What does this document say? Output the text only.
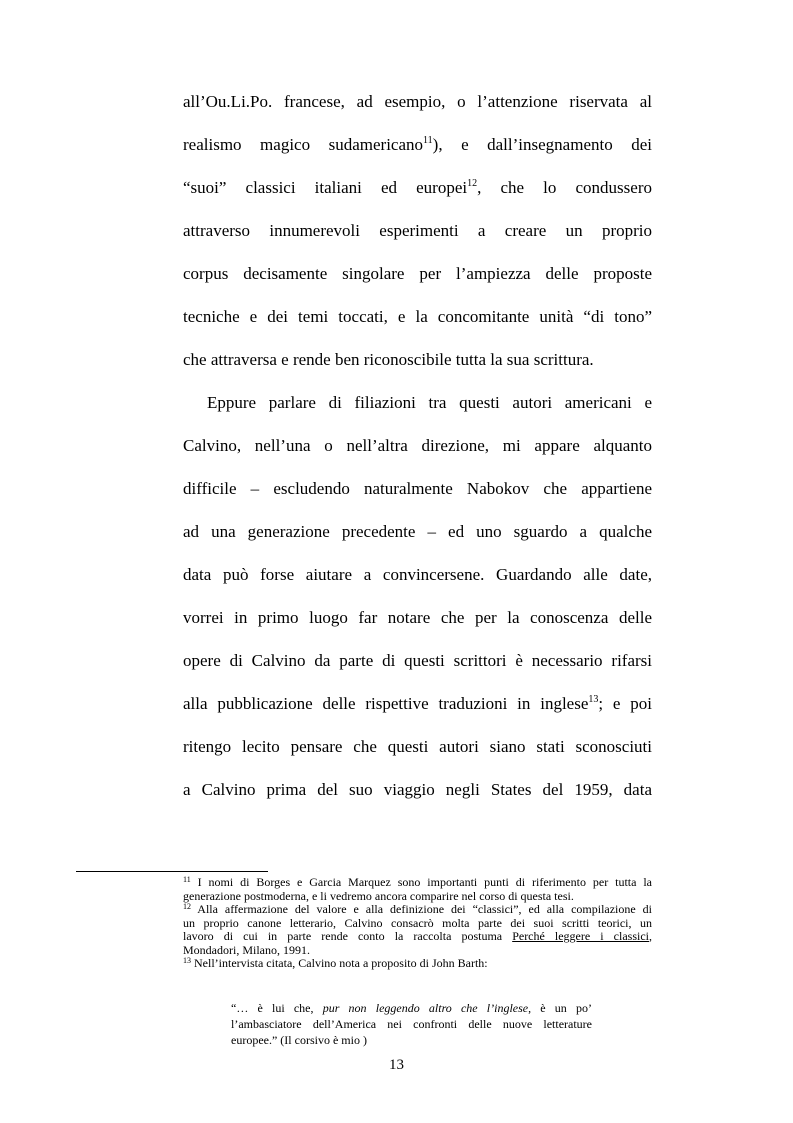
all’Ou.Li.Po. francese, ad esempio, o l’attenzione riservata al
realismo magico sudamericano$^{11}$), e dall’insegnamento dei
“suoi” classici italiani ed europei$^{12}$, che lo condussero
attraverso innumerevoli esperimenti a creare un proprio
corpus decisamente singolare per l’ampiezza delle proposte
tecniche e dei temi toccati, e la concomitante unità “di tono”
che attraversa e rende ben riconoscibile tutta la sua scrittura.
Eppure parlare di filiazioni tra questi autori americani e
Calvino, nell’una o nell’altra direzione, mi appare alquanto
difficile – escludendo naturalmente Nabokov che appartiene
ad una generazione precedente – ed uno sguardo a qualche
data può forse aiutare a convincersene. Guardando alle date,
vorrei in primo luogo far notare che per la conoscenza delle
opere di Calvino da parte di questi scrittori è necessario rifarsi
alla pubblicazione delle rispettive traduzioni in inglese$^{13}$; e poi
ritengo lecito pensare che questi autori siano stati sconosciuti
a Calvino prima del suo viaggio negli States del 1959, data
$^{11}$ I nomi di Borges e Garcia Marquez sono importanti punti di riferimento per tutta la
generazione postmoderna, e li vedremo ancora comparire nel corso di questa tesi.
$^{12}$ Alla affermazione del valore e alla definizione dei “classici”, ed alla compilazione di
un proprio canone letterario, Calvino consacrò molta parte dei suoi scritti teorici, un
lavoro di cui in parte rende conto la raccolta postuma Perché leggere i classici,
Mondadori, Milano, 1991.
$^{13}$ Nell’intervista citata, Calvino nota a proposito di John Barth:
“… è lui che, pur non leggendo altro che l’inglese, è un po’
l’ambasciatore dell’America nei confronti delle nuove letterature
europee.” (Il corsivo è mio )
13
